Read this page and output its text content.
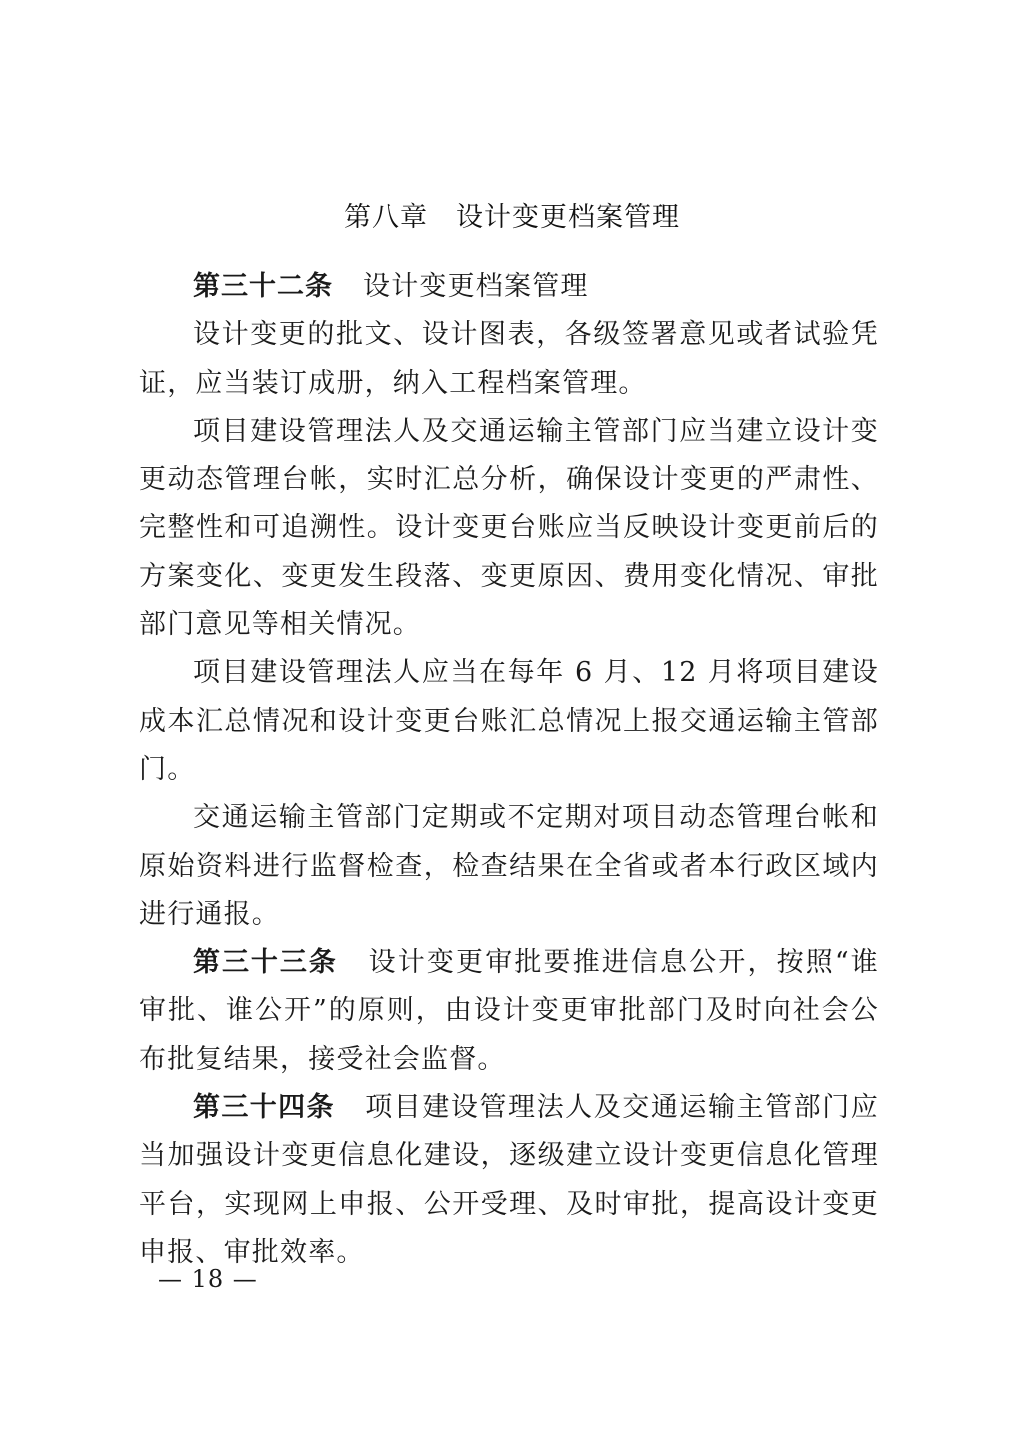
第八章 设计变更档案管理

第三十二条 设计变更档案管理

设计变更的批文、设计图表，各级签署意见或者试验凭证，应当装订成册，纳入工程档案管理。

项目建设管理法人及交通运输主管部门应当建立设计变更动态管理台帐，实时汇总分析，确保设计变更的严肃性、完整性和可追溯性。设计变更台账应当反映设计变更前后的方案变化、变更发生段落、变更原因、费用变化情况、审批部门意见等相关情况。

项目建设管理法人应当在每年 6 月、12 月将项目建设成本汇总情况和设计变更台账汇总情况上报交通运输主管部门。

交通运输主管部门定期或不定期对项目动态管理台帐和原始资料进行监督检查，检查结果在全省或者本行政区域内进行通报。

第三十三条 设计变更审批要推进信息公开，按照“谁审批、谁公开”的原则，由设计变更审批部门及时向社会公布批复结果，接受社会监督。

第三十四条 项目建设管理法人及交通运输主管部门应当加强设计变更信息化建设，逐级建立设计变更信息化管理平台，实现网上申报、公开受理、及时审批，提高设计变更申报、审批效率。

— 18 —
